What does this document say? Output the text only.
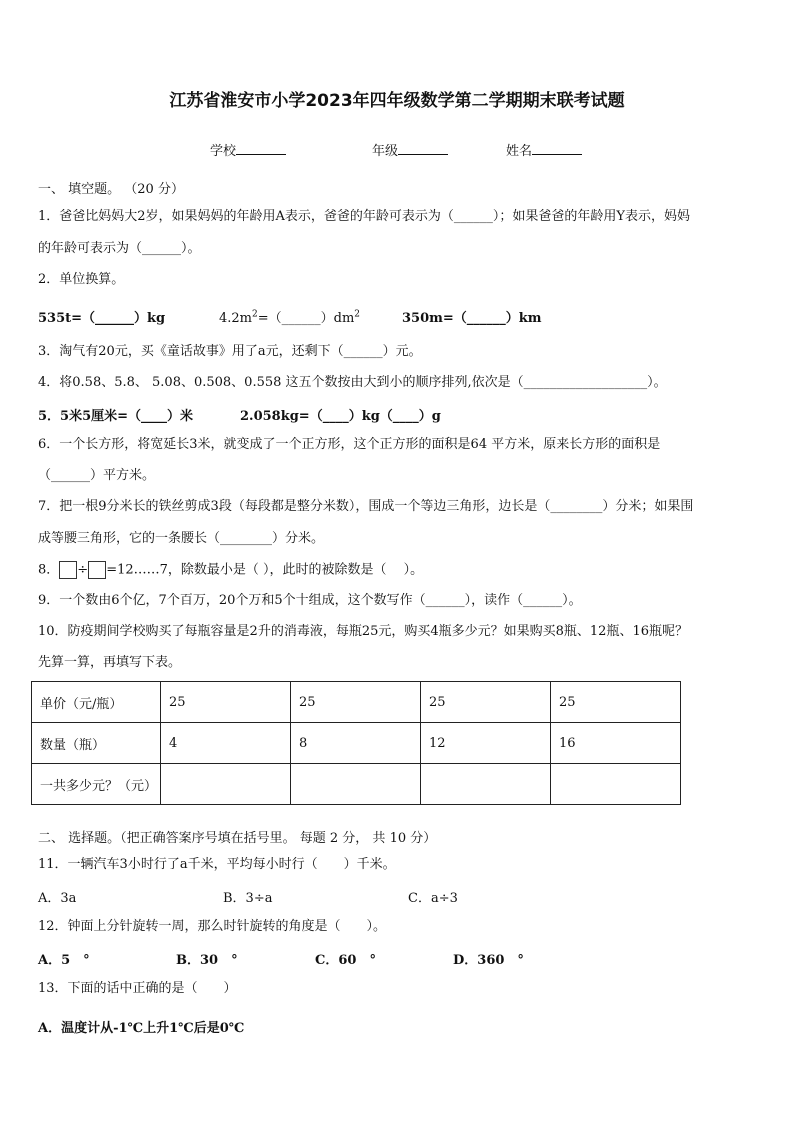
江苏省淮安市小学2023年四年级数学第二学期期末联考试题
学校	年级	姓名
一、 填空题。 （20 分）
1．爸爸比妈妈大2岁，如果妈妈的年龄用A表示，爸爸的年龄可表示为（______）；如果爸爸的年龄用Y表示，妈妈
的年龄可表示为（______）。
2．单位换算。
535t=（______）kg	$4.2m^2=(\_\_\_\_\_\_)dm^2$	350m=（______）km
3．淘气有20元，买《童话故事》用了a元，还剩下（______）元。
4．将0.58、5.8、 5.08、0.508、0.558 这五个数按由大到小的顺序排列,依次是（___________________）。
5．5米5厘米=（____）米	2.058kg=（____）kg（____）g
6．一个长方形，将宽延长3米，就变成了一个正方形，这个正方形的面积是64 平方米，原来长方形的面积是
（______）平方米。
7．把一根9分米长的铁丝剪成3段（每段都是整分米数），围成一个等边三角形，边长是（________）分米；如果围
成等腰三角形，它的一条腰长（________）分米。
8． ÷ =12……7，除数最小是（ ），此时的被除数是（　 ）。
9．一个数由6个亿，7个百万，20个万和5个十组成，这个数写作（______），读作（______）。
10．防疫期间学校购买了每瓶容量是2升的消毒液，每瓶25元，购买4瓶多少元？如果购买8瓶、12瓶、16瓶呢？
先算一算，再填写下表。
单价（元/瓶）	25	25	25	25
数量（瓶）	4	8	12	16
一共多少元？（元）				
二、 选择题。（把正确答案序号填在括号里。 每题 2 分， 共 10 分）
11．一辆汽车3小时行了a千米，平均每小时行（　　）千米。
A．3a	B．3÷a	C．a÷3
12．钟面上分针旋转一周，那么时针旋转的角度是（　　）。
A．5　°	B．30　°	C．60　°	D．360　°
13．下面的话中正确的是（　　）
A．温度计从-1℃上升1℃后是0℃
